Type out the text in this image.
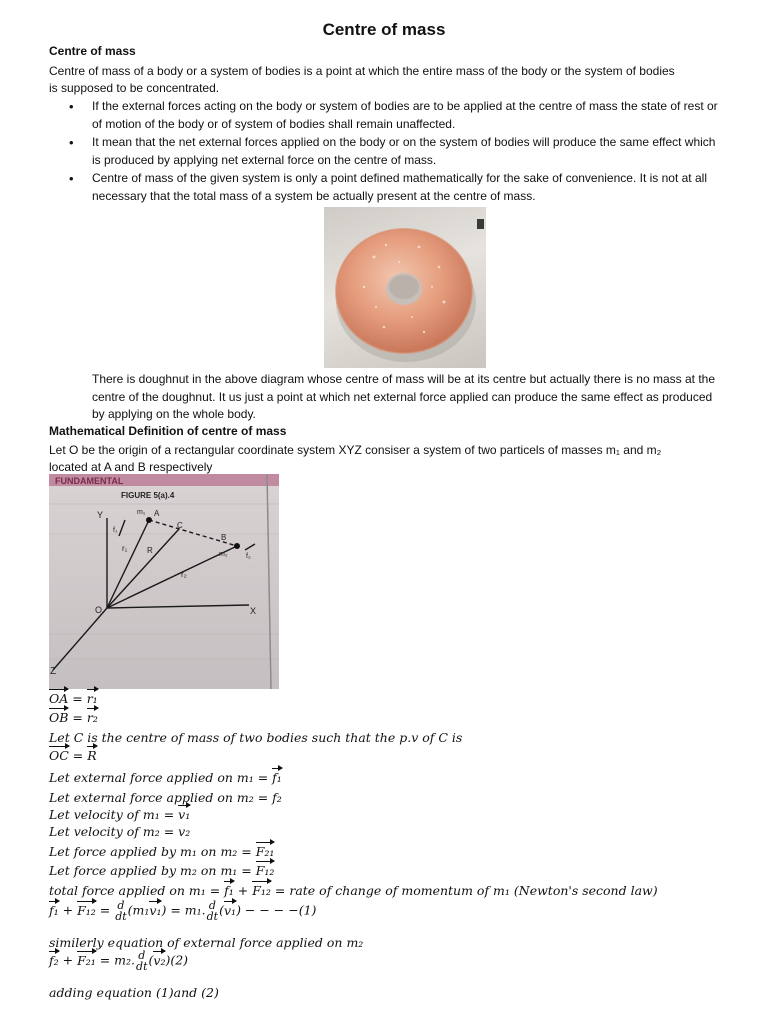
Centre of mass
Centre of mass
Centre of mass of a body or a system of bodies is a point at which the entire mass of the body or the system of bodies
is supposed to be concentrated.
• If the external forces acting on the body or system of bodies are to be applied at the centre of mass the state of rest or of motion of the body or of system of bodies shall remain unaffected.
• It mean that the net external forces applied on the body or on the system of bodies will produce the same effect which is produced by applying net external force on the centre of mass.
• Centre of mass of the given system is only a point defined mathematically for the sake of convenience. It is not at all necessary that the total mass of a system be actually present at the centre of mass.
There is doughnut in the above diagram whose centre of mass will be at its centre but actually there is no mass at the centre of the doughnut. It us just a point at which net external force applied can produce the same effect as produced by applying on the whole body.
Mathematical Definition of centre of mass
Let O be the origin of a rectangular coordinate system XYZ consiser a system of two particels of masses m₁ and m₂
located at A and B respectively
FUNDAMENTAL
FIGURE 5(a).4
Y
X
Z
O
A
m₁
C
B
m₂
r₁ R
r₂
f₁
f₂
OA = r₁
OB = r₂
Let C is the centre of mass of two bodies such that the p.v of C is
OC = R
Let external force applied on m₁ = f₁
Let external force applied on m₂ = f₂
Let velocity of m₁ = v₁
Let velocity of m₂ = v₂
Let force applied by m₁ on m₂ = F₂₁
Let force applied by m₂ on m₁ = F₁₂
total force applied on m₁ = f₁ + F₁₂ = rate of change of momentum of m₁ (Newton's second law)
f₁ + F₁₂ = d
dt (m₁v₁) = m₁. d
dt (v₁) − − − −(1)
similerly equation of external force applied on m₂
f₂ + F₂₁ = m₂. d
dt (v₂)(2)
adding equation (1)and (2)
